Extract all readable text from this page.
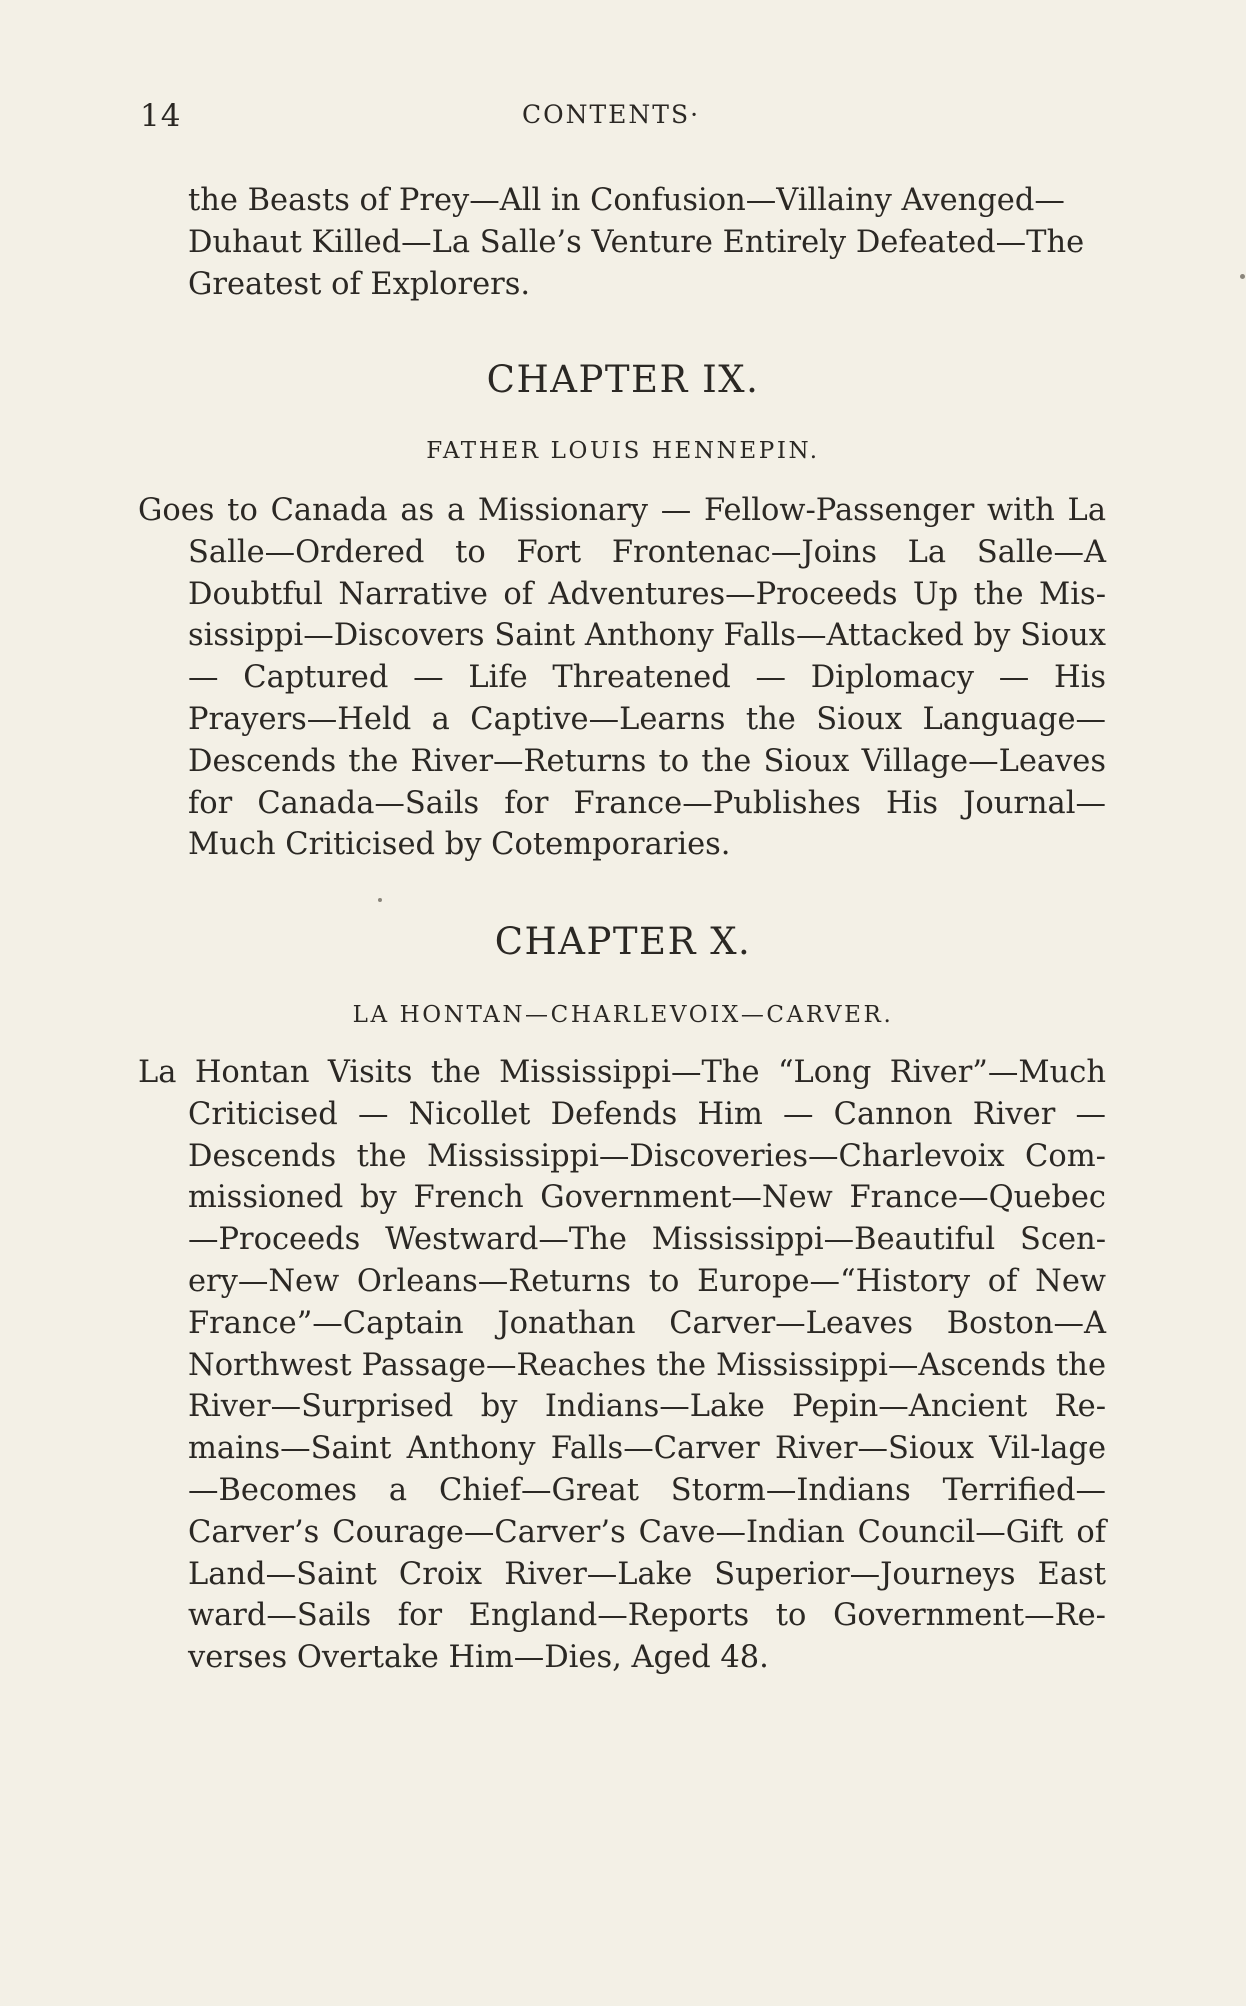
14	CONTENTS·
the Beasts of Prey—All in Confusion—Villainy Avenged—Duhaut Killed—La Salle’s Venture Entirely Defeated—The Greatest of Explorers.
CHAPTER IX.
FATHER LOUIS HENNEPIN.
Goes to Canada as a Missionary — Fellow-Passenger with La Salle—Ordered to Fort Frontenac—Joins La Salle—A Doubtful Narrative of Adventures—Proceeds Up the Mis-sissippi—Discovers Saint Anthony Falls—Attacked by Sioux — Captured — Life Threatened — Diplomacy — His Prayers—Held a Captive—Learns the Sioux Language—Descends the River—Returns to the Sioux Village—Leaves for Canada—Sails for France—Publishes His Journal—Much Criticised by Cotemporaries.
CHAPTER X.
LA HONTAN—CHARLEVOIX—CARVER.
La Hontan Visits the Mississippi—The “Long River”—Much Criticised — Nicollet Defends Him — Cannon River — Descends the Mississippi—Discoveries—Charlevoix Com-missioned by French Government—New France—Quebec —Proceeds Westward—The Mississippi—Beautiful Scen-ery—New Orleans—Returns to Europe—“History of New France”—Captain Jonathan Carver—Leaves Boston—A Northwest Passage—Reaches the Mississippi—Ascends the River—Surprised by Indians—Lake Pepin—Ancient Re-mains—Saint Anthony Falls—Carver River—Sioux Vil-lage—Becomes a Chief—Great Storm—Indians Terrified—Carver’s Courage—Carver’s Cave—Indian Council—Gift of Land—Saint Croix River—Lake Superior—Journeys East ward—Sails for England—Reports to Government—Re-verses Overtake Him—Dies, Aged 48.
